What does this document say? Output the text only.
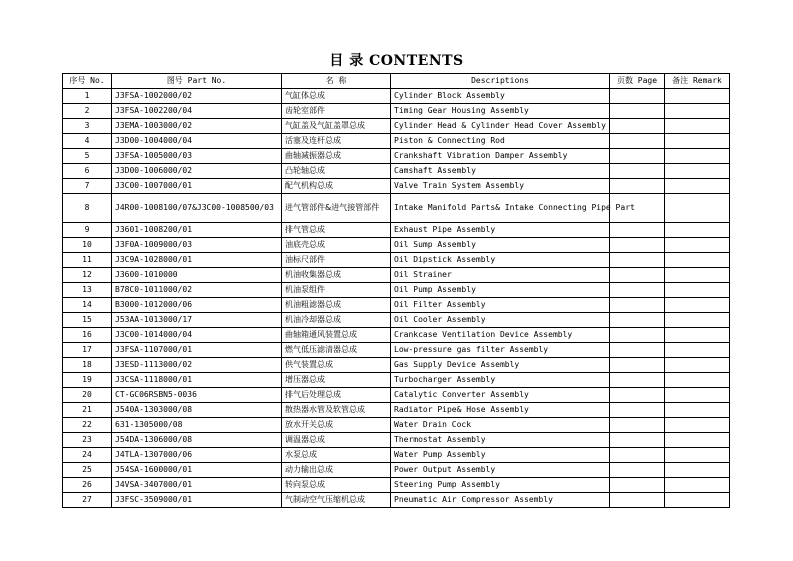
目 录 CONTENTS
序号 No.	图号 Part No.	名 称	Descriptions	页数 Page	备注 Remark
1	J3FSA-1002000/02	气缸体总成	Cylinder Block Assembly		
2	J3FSA-1002200/04	齿轮室部件	Timing Gear Housing Assembly		
3	J3EMA-1003000/02	气缸盖及气缸盖罩总成	Cylinder Head & Cylinder Head Cover Assembly		
4	J3D00-1004000/04	活塞及连杆总成	Piston & Connecting Rod		
5	J3FSA-1005000/03	曲轴减振器总成	Crankshaft Vibration Damper Assembly		
6	J3D00-1006000/02	凸轮轴总成	Camshaft Assembly		
7	J3C00-1007000/01	配气机构总成	Valve Train System Assembly		
8	J4R00-1008100/07&J3C00-1008500/03	进气管部件&进气接管部件	Intake Manifold Parts& Intake Connecting Pipe Part		
9	J3601-1008200/01	排气管总成	Exhaust Pipe Assembly		
10	J3F0A-1009000/03	油底壳总成	Oil Sump Assembly		
11	J3C9A-1028000/01	油标尺部件	Oil Dipstick Assembly		
12	J3600-1010000	机油收集器总成	Oil Strainer		
13	B78C0-1011000/02	机油泵组件	Oil Pump Assembly		
14	B3000-1012000/06	机油粗滤器总成	Oil Filter Assembly		
15	J53AA-1013000/17	机油冷却器总成	Oil Cooler Assembly		
16	J3C00-1014000/04	曲轴箱通风装置总成	Crankcase Ventilation Device Assembly		
17	J3FSA-1107000/01	燃气低压滤清器总成	Low-pressure gas filter Assembly		
18	J3ESD-1113000/02	供气装置总成	Gas Supply Device Assembly		
19	J3CSA-1118000/01	增压器总成	Turbocharger Assembly		
20	CT-GC06RSBN5-0036	排气后处理总成	Catalytic Converter Assembly		
21	J540A-1303000/08	散热器水管及软管总成	Radiator Pipe& Hose Assembly		
22	631-1305000/08	放水开关总成	Water Drain Cock		
23	J54DA-1306000/08	调温器总成	Thermostat Assembly		
24	J4TLA-1307000/06	水泵总成	Water Pump Assembly		
25	J54SA-1600000/01	动力输出总成	Power Output Assembly		
26	J4VSA-3407000/01	转向泵总成	Steering Pump Assembly		
27	J3FSC-3509000/01	气制动空气压缩机总成	Pneumatic Air Compressor Assembly		
